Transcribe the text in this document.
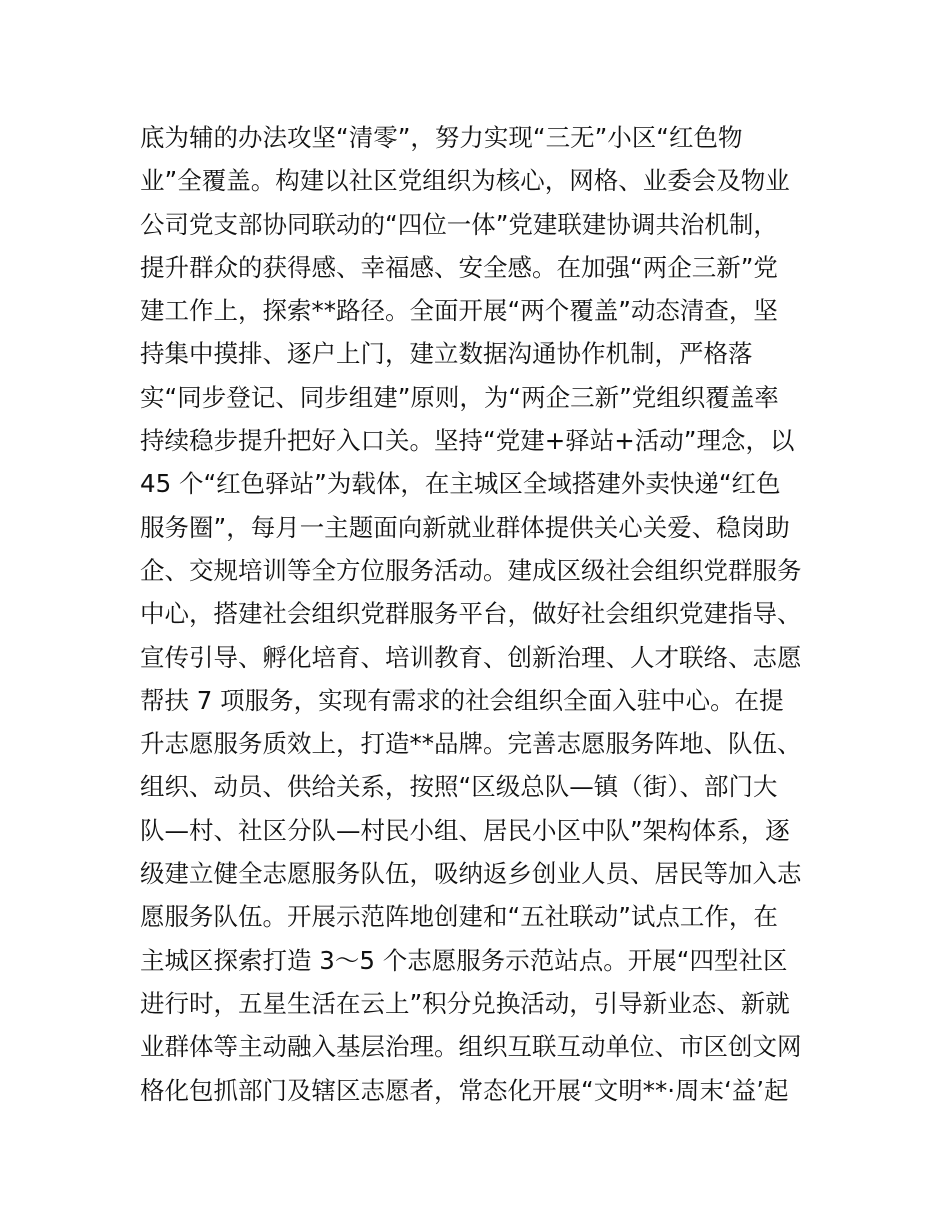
底为辅的办法攻坚“清零”，努力实现“三无”小区“红色物
业”全覆盖。构建以社区党组织为核心，网格、业委会及物业
公司党支部协同联动的“四位一体”党建联建协调共治机制，
提升群众的获得感、幸福感、安全感。在加强“两企三新”党
建工作上，探索**路径。全面开展“两个覆盖”动态清查，坚
持集中摸排、逐户上门，建立数据沟通协作机制，严格落
实“同步登记、同步组建”原则，为“两企三新”党组织覆盖率
持续稳步提升把好入口关。坚持“党建+驿站+活动”理念，以
45 个“红色驿站”为载体，在主城区全域搭建外卖快递“红色
服务圈”，每月一主题面向新就业群体提供关心关爱、稳岗助
企、交规培训等全方位服务活动。建成区级社会组织党群服务
中心，搭建社会组织党群服务平台，做好社会组织党建指导、
宣传引导、孵化培育、培训教育、创新治理、人才联络、志愿
帮扶 7 项服务，实现有需求的社会组织全面入驻中心。在提
升志愿服务质效上，打造**品牌。完善志愿服务阵地、队伍、
组织、动员、供给关系，按照“区级总队—镇（街）、部门大
队—村、社区分队—村民小组、居民小区中队”架构体系，逐
级建立健全志愿服务队伍，吸纳返乡创业人员、居民等加入志
愿服务队伍。开展示范阵地创建和“五社联动”试点工作，在
主城区探索打造 3～5 个志愿服务示范站点。开展“四型社区
进行时，五星生活在云上”积分兑换活动，引导新业态、新就
业群体等主动融入基层治理。组织互联互动单位、市区创文网
格化包抓部门及辖区志愿者，常态化开展“文明**·周末‘益’起
